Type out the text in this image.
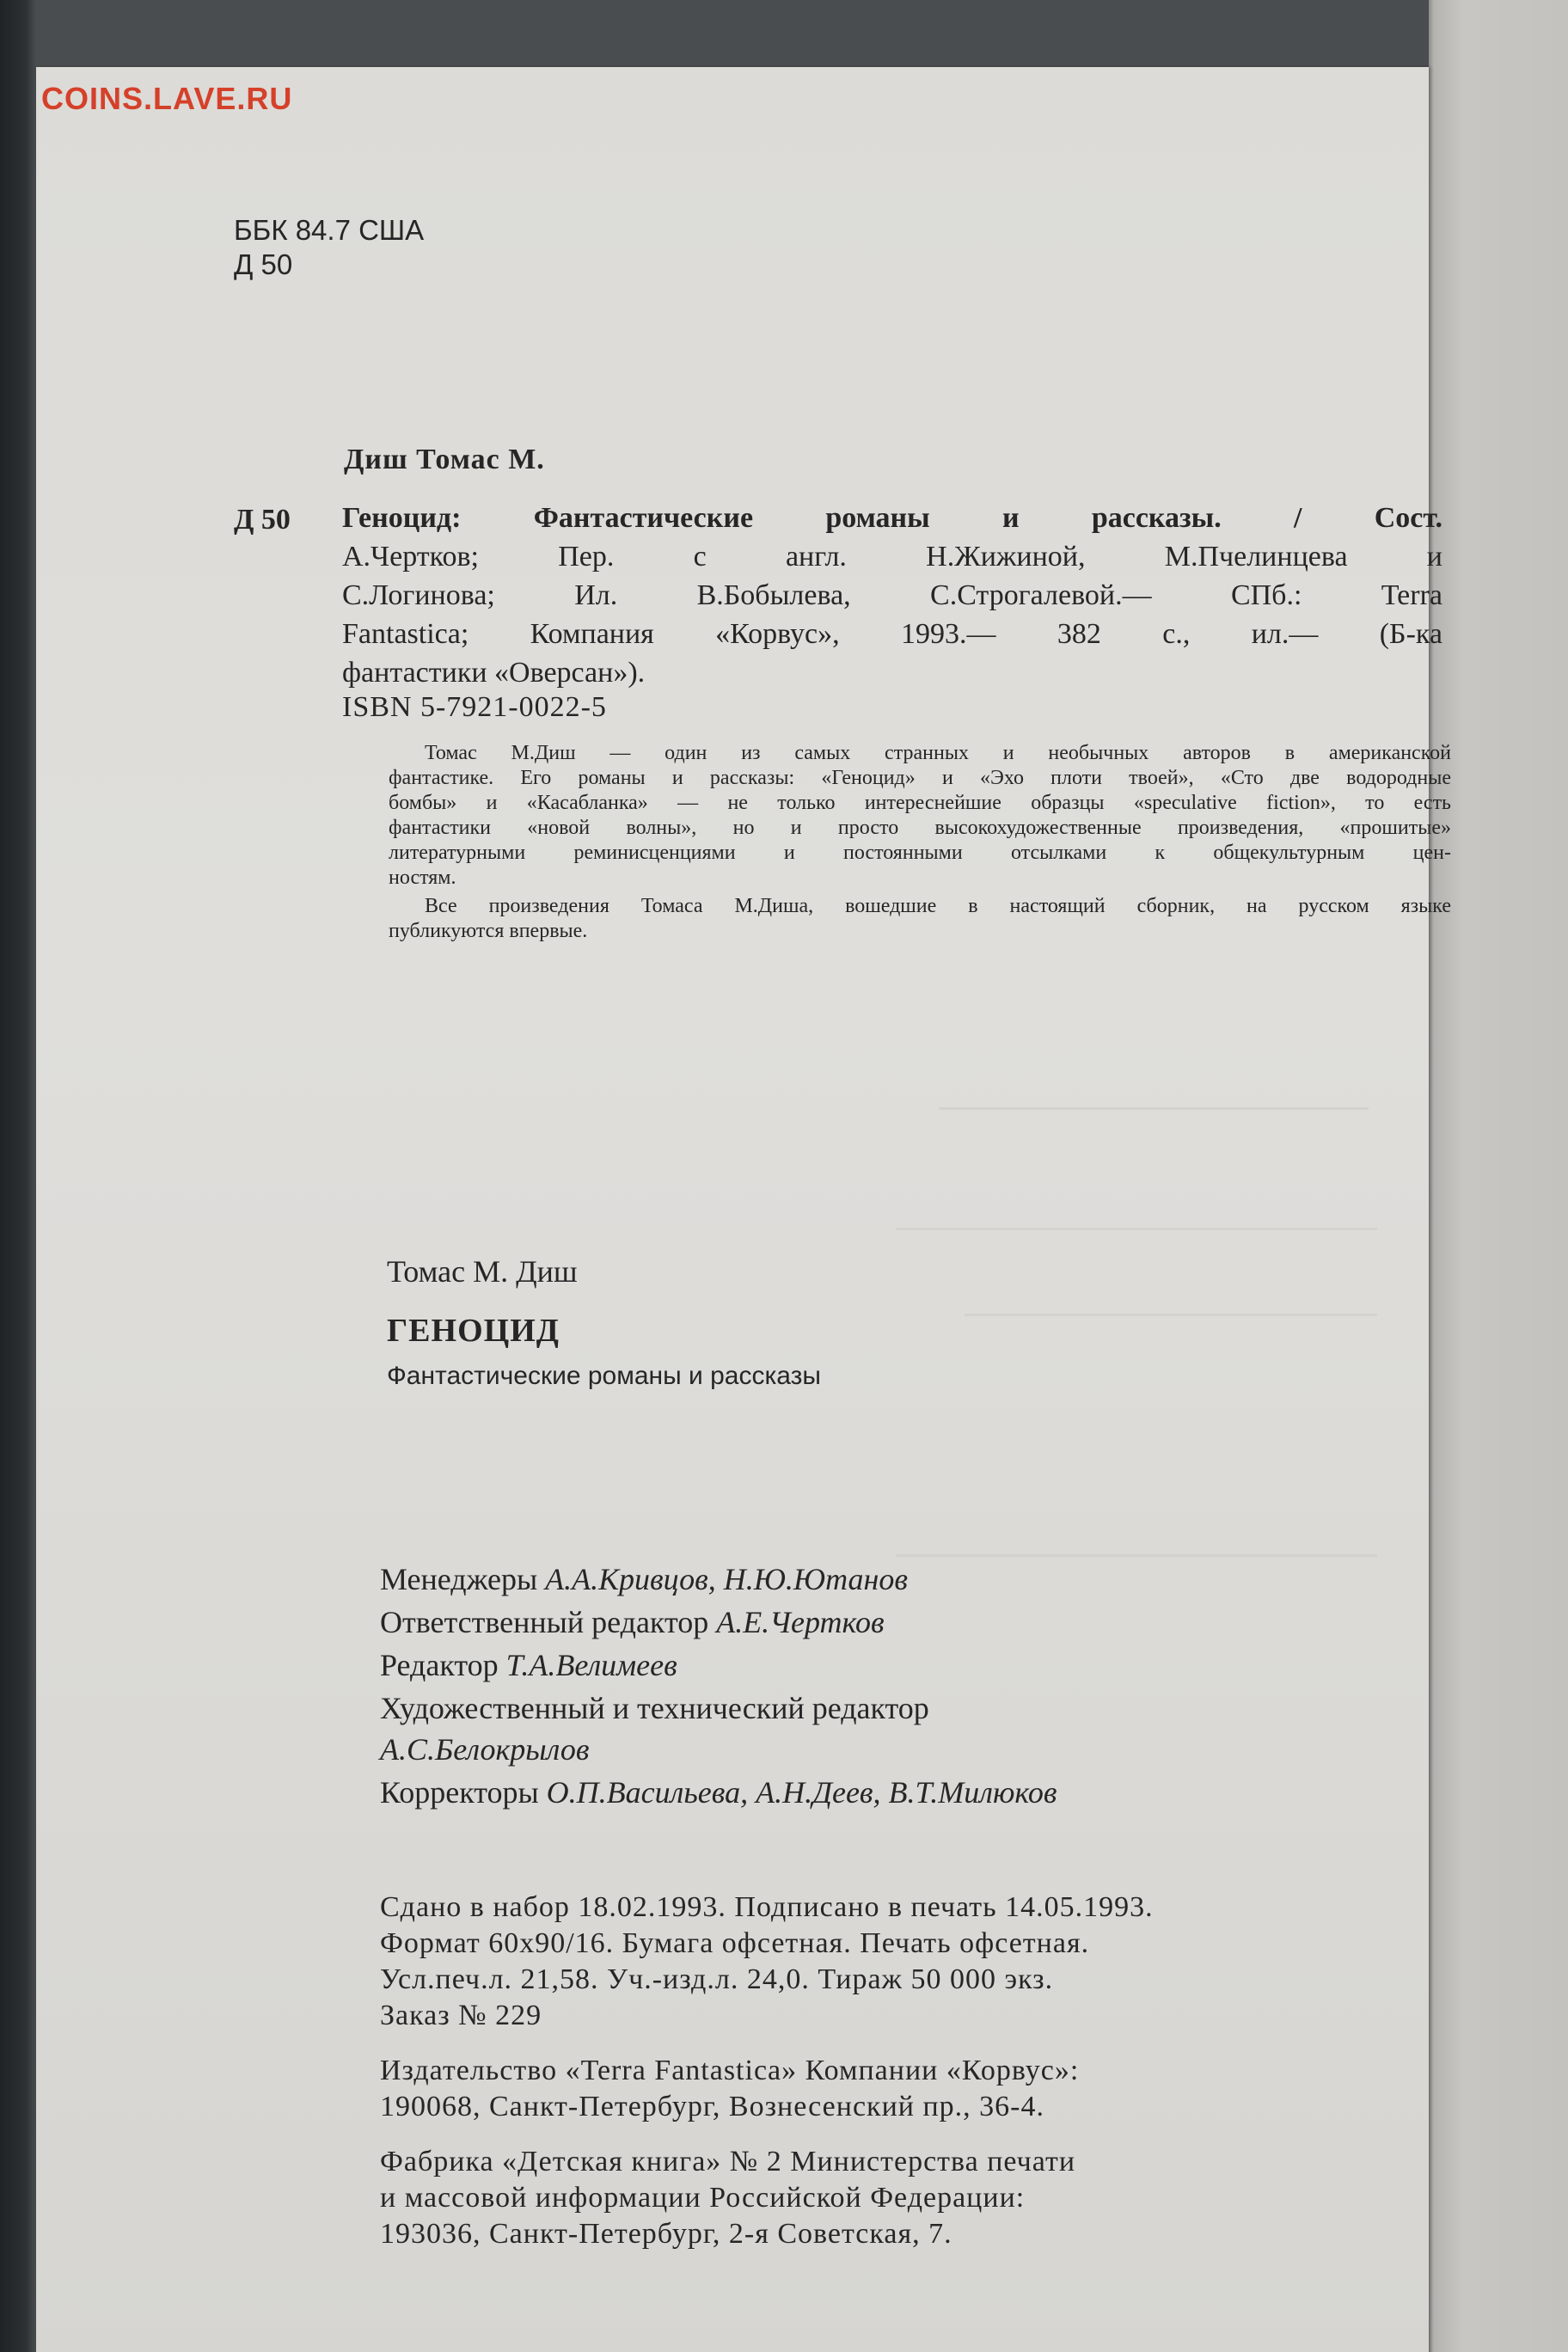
ББК 84.7 США
Д 50
Диш Томас М.
Д 50 Геноцид: Фантастические романы и рассказы. / Сост.
А.Чертков; Пер. с англ. Н.Жижиной, М.Пчелинцева и
С.Логинова; Ил. В.Бобылева, С.Строгалевой.— СПб.: Terra
Fantastica; Компания «Корвус», 1993.— 382 с., ил.— (Б-ка
фантастики «Оверсан»).
ISBN 5-7921-0022-5
Томас М.Диш — один из самых странных и необычных авторов в американской
фантастике. Его романы и рассказы: «Геноцид» и «Эхо плоти твоей», «Сто две водородные
бомбы» и «Касабланка» — не только интереснейшие образцы «speculative fiction», то есть
фантастики «новой волны», но и просто высокохудожественные произведения, «прошитые»
литературными реминисценциями и постоянными отсылками к общекультурным цен-
ностям.
Все произведения Томаса М.Диша, вошедшие в настоящий сборник, на русском языке
публикуются впервые.
Томас М. Диш
ГЕНОЦИД
Фантастические романы и рассказы
Менеджеры А.А.Кривцов, Н.Ю.Ютанов
Ответственный редактор А.Е.Чертков
Редактор Т.А.Велимеев
Художественный и технический редактор
А.С.Белокрылов
Корректоры О.П.Васильева, А.Н.Деев, В.Т.Милюков
Сдано в набор 18.02.1993. Подписано в печать 14.05.1993.
Формат 60х90/16. Бумага офсетная. Печать офсетная.
Усл.печ.л. 21,58. Уч.-изд.л. 24,0. Тираж 50 000 экз.
Заказ № 229
Издательство «Terra Fantastica» Компании «Корвус»:
190068, Санкт-Петербург, Вознесенский пр., 36-4.
Фабрика «Детская книга» № 2 Министерства печати
и массовой информации Российской Федерации:
193036, Санкт-Петербург, 2-я Советская, 7.
COINS.LAVE.RU
